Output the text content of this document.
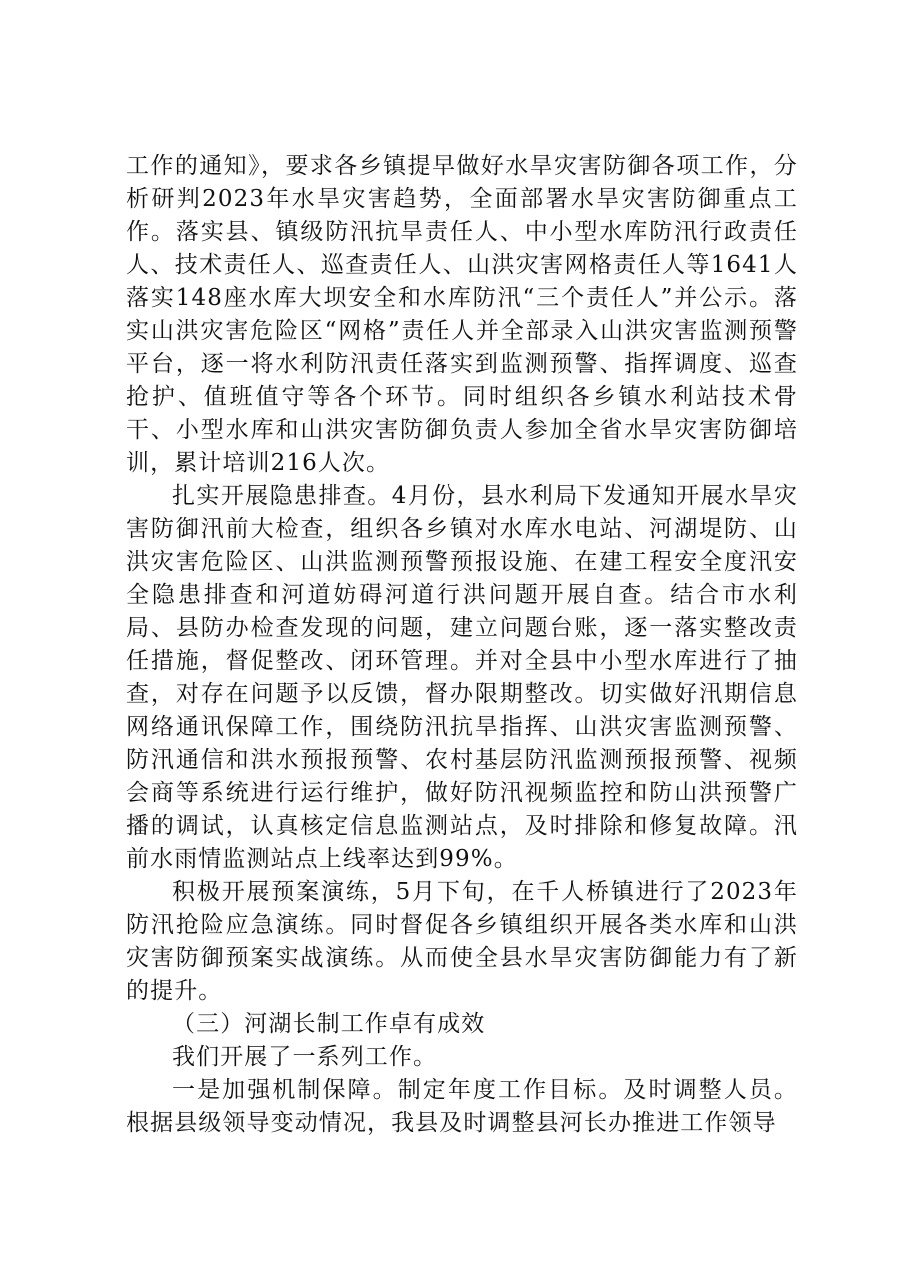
工作的通知》，要求各乡镇提早做好水旱灾害防御各项工作，分析研判2023年水旱灾害趋势，全面部署水旱灾害防御重点工作。落实县、镇级防汛抗旱责任人、中小型水库防汛行政责任人、技术责任人、巡查责任人、山洪灾害网格责任人等1641人落实148座水库大坝安全和水库防汛“三个责任人”并公示。落实山洪灾害危险区“网格”责任人并全部录入山洪灾害监测预警平台，逐一将水利防汛责任落实到监测预警、指挥调度、巡查抢护、值班值守等各个环节。同时组织各乡镇水利站技术骨干、小型水库和山洪灾害防御负责人参加全省水旱灾害防御培训，累计培训216人次。

扎实开展隐患排查。4月份，县水利局下发通知开展水旱灾害防御汛前大检查，组织各乡镇对水库水电站、河湖堤防、山洪灾害危险区、山洪监测预警预报设施、在建工程安全度汛安全隐患排查和河道妨碍河道行洪问题开展自查。结合市水利局、县防办检查发现的问题，建立问题台账，逐一落实整改责任措施，督促整改、闭环管理。并对全县中小型水库进行了抽查，对存在问题予以反馈，督办限期整改。切实做好汛期信息网络通讯保障工作，围绕防汛抗旱指挥、山洪灾害监测预警、防汛通信和洪水预报预警、农村基层防汛监测预报预警、视频会商等系统进行运行维护，做好防汛视频监控和防山洪预警广播的调试，认真核定信息监测站点，及时排除和修复故障。汛前水雨情监测站点上线率达到99%。

积极开展预案演练，5月下旬，在千人桥镇进行了2023年防汛抢险应急演练。同时督促各乡镇组织开展各类水库和山洪灾害防御预案实战演练。从而使全县水旱灾害防御能力有了新的提升。

（三）河湖长制工作卓有成效

我们开展了一系列工作。

一是加强机制保障。制定年度工作目标。及时调整人员。根据县级领导变动情况，我县及时调整县河长办推进工作领导
